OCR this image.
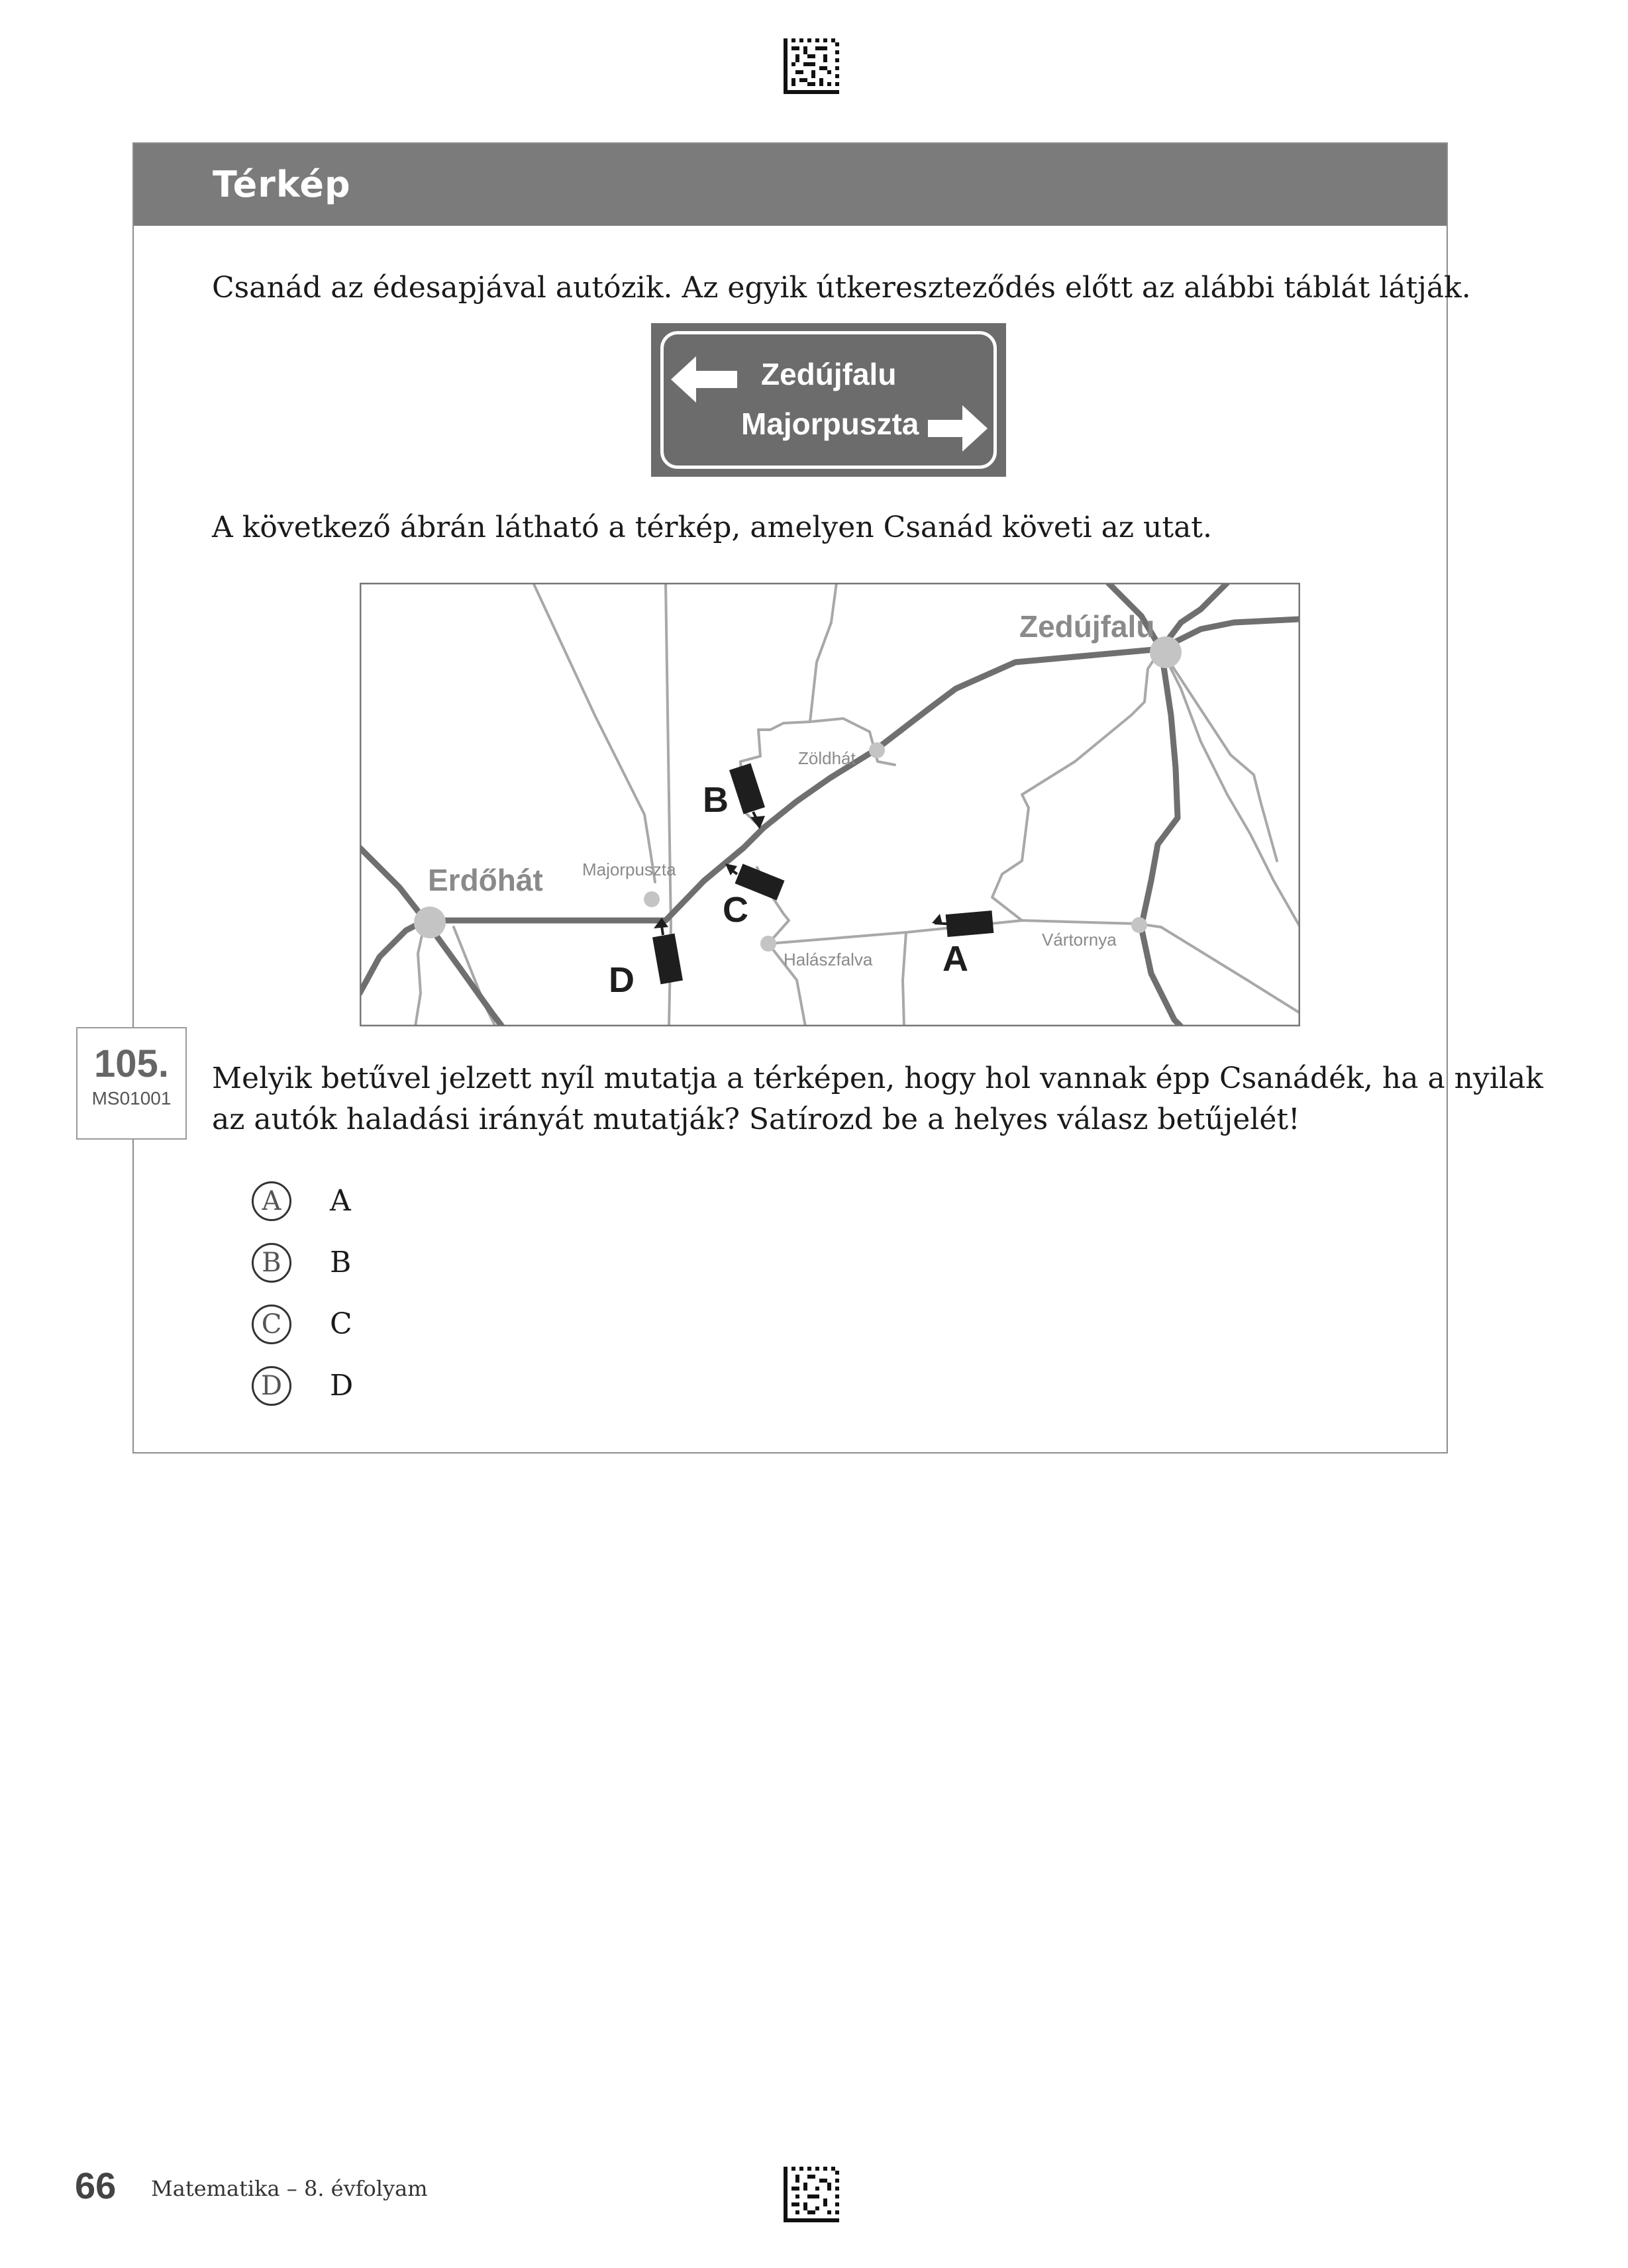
Térkép
Csanád az édesapjával autózik. Az egyik útkereszteződés előtt az alábbi táblát látják.
Zedújfalu
Majorpuszta
A következő ábrán látható a térkép, amelyen Csanád követi az utat.
Zedújfalu
Erdőhát
Zöldhát
Majorpuszta
Halászfalva
Vártornya
A
B
C
D
105.
MS01001
Melyik betűvel jelzett nyíl mutatja a térképen, hogy hol vannak épp Csanádék, ha a nyilak
az autók haladási irányát mutatják? Satírozd be a helyes válasz betűjelét!
A	A
B	B
C	C
D	D
66 Matematika – 8. évfolyam
